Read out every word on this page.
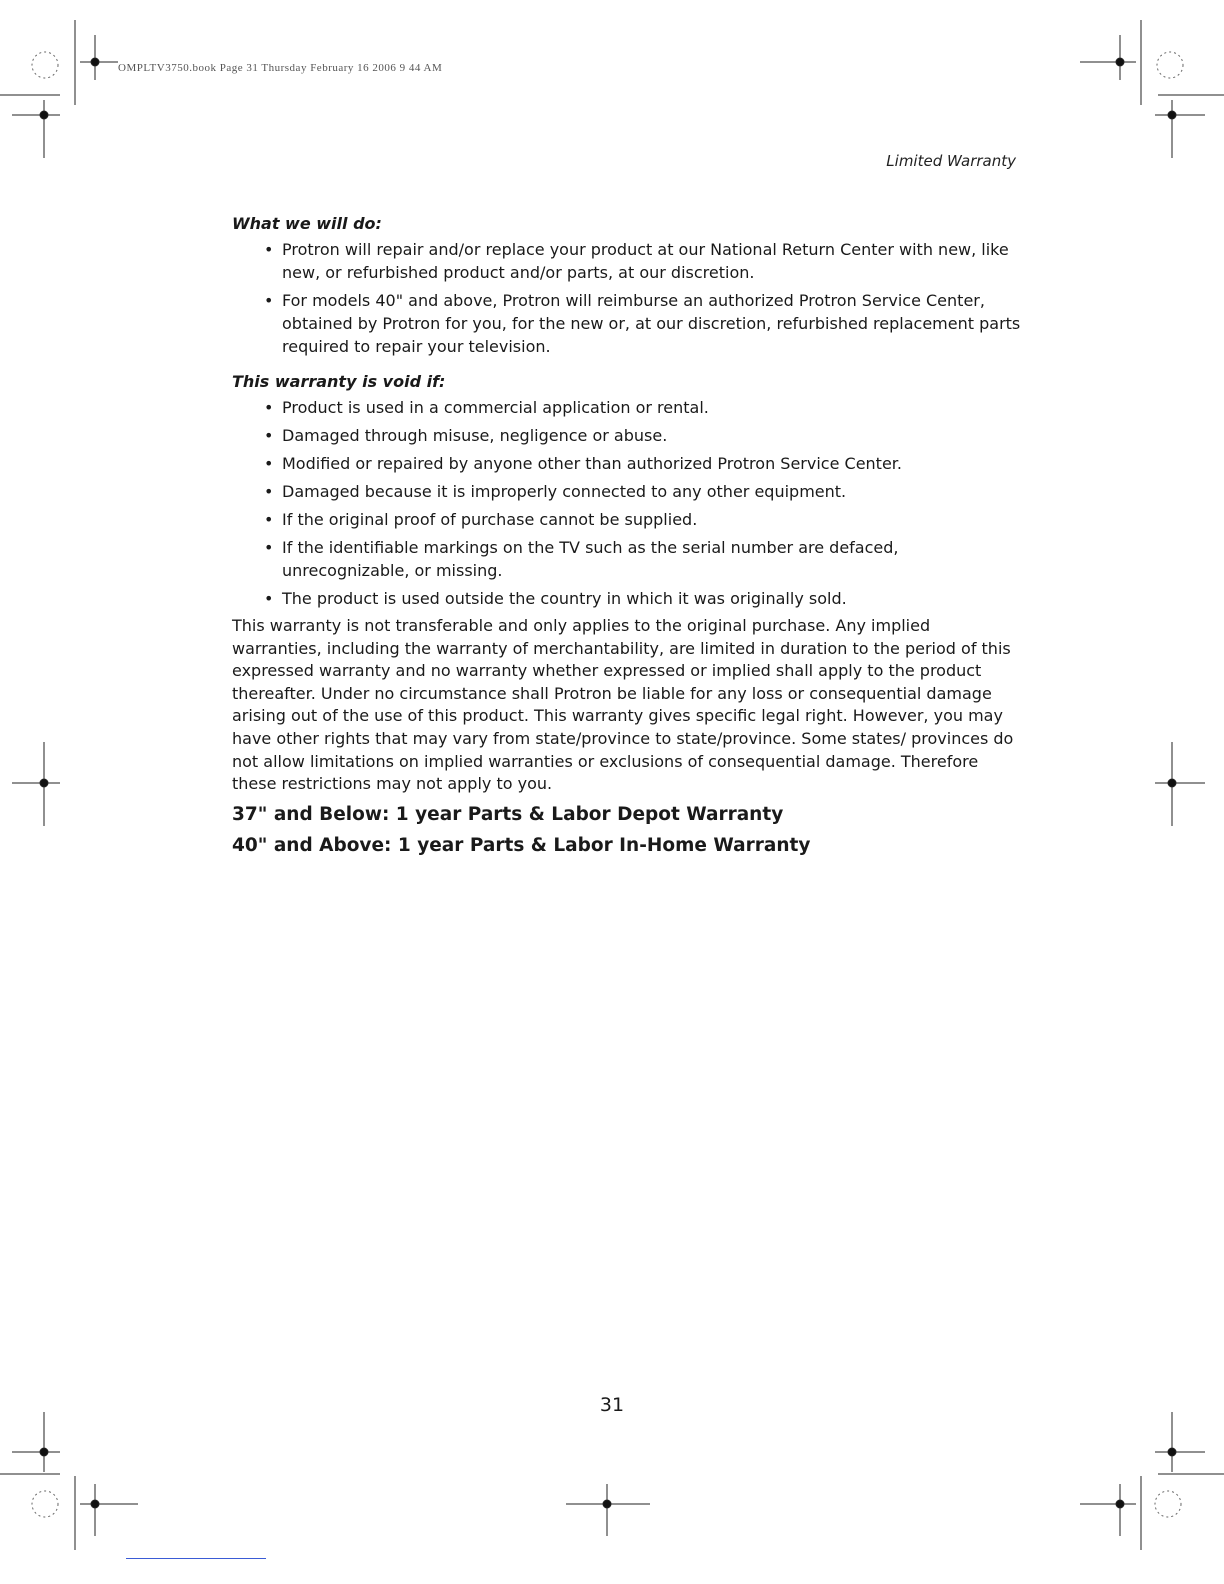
OMPLTV3750.book Page 31 Thursday February 16 2006 9 44 AM
Limited Warranty
What we will do:
• Protron will repair and/or replace your product at our National Return Center with new, like new, or refurbished product and/or parts, at our discretion.
• For models 40" and above, Protron will reimburse an authorized Protron Service Center, obtained by Protron for you, for the new or, at our discretion, refurbished replacement parts required to repair your television.
This warranty is void if:
• Product is used in a commercial application or rental.
• Damaged through misuse, negligence or abuse.
• Modified or repaired by anyone other than authorized Protron Service Center.
• Damaged because it is improperly connected to any other equipment.
• If the original proof of purchase cannot be supplied.
• If the identifiable markings on the TV such as the serial number are defaced, unrecognizable, or missing.
• The product is used outside the country in which it was originally sold.

This warranty is not transferable and only applies to the original purchase. Any implied warranties, including the warranty of merchantability, are limited in duration to the period of this expressed warranty and no warranty whether expressed or implied shall apply to the product thereafter. Under no circumstance shall Protron be liable for any loss or consequential damage arising out of the use of this product. This warranty gives specific legal right. However, you may have other rights that may vary from state/province to state/province. Some states/ provinces do not allow limitations on implied warranties or exclusions of consequential damage. Therefore these restrictions may not apply to you.

37" and Below: 1 year Parts & Labor Depot Warranty
40" and Above: 1 year Parts & Labor In-Home Warranty
31
